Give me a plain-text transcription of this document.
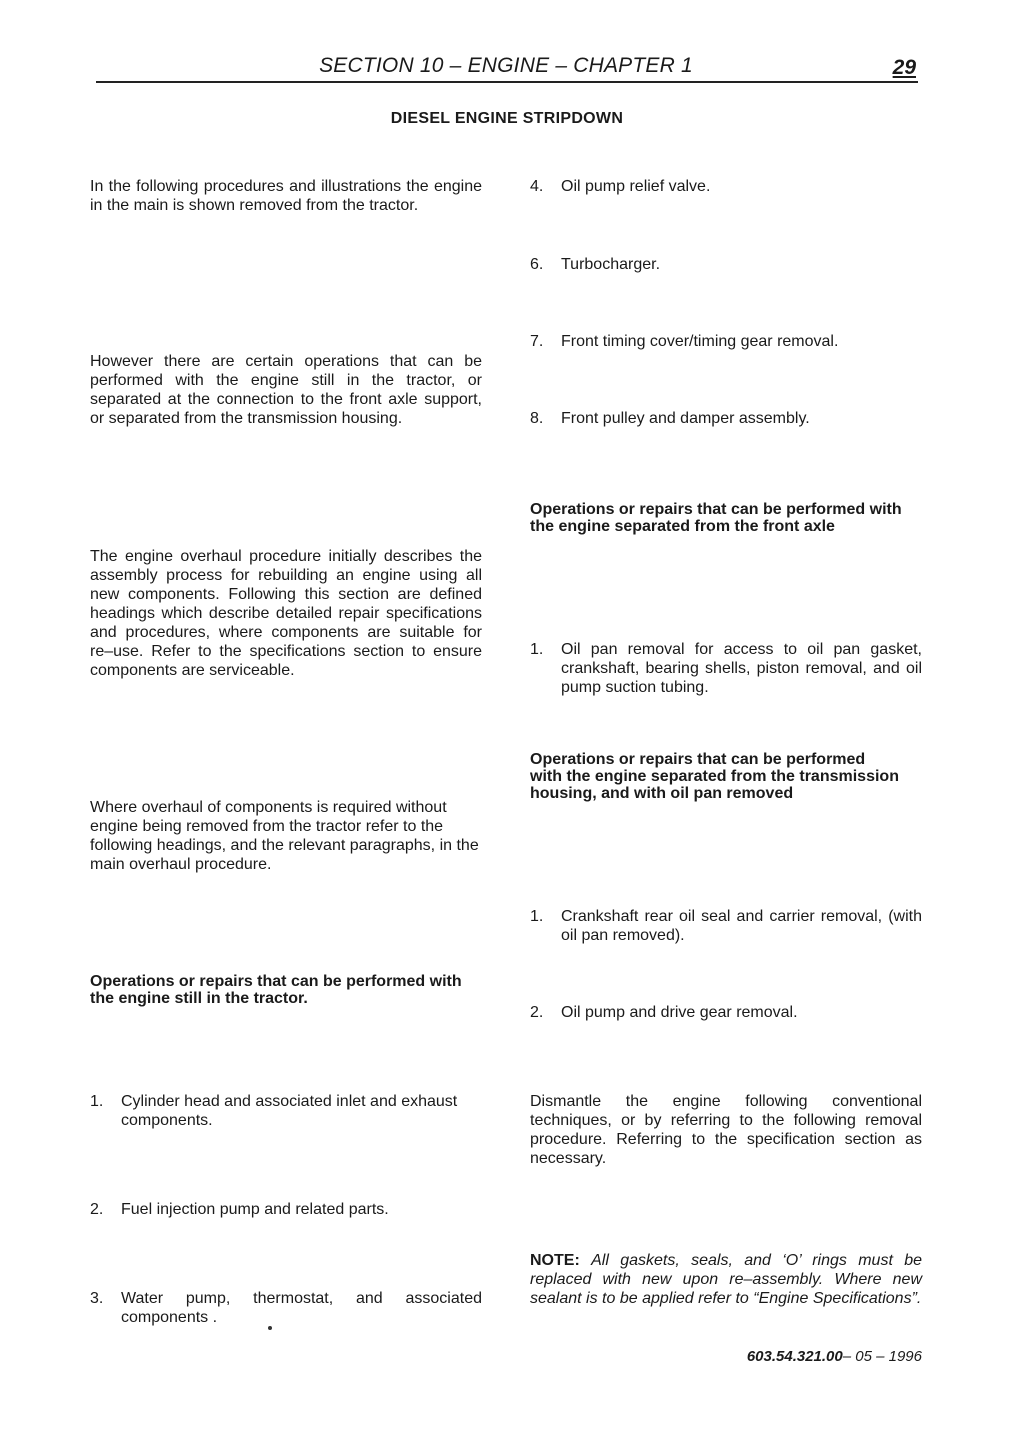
SECTION 10 – ENGINE – CHAPTER 1	29
DIESEL ENGINE STRIPDOWN

In the following procedures and illustrations the engine in the main is shown removed from the tractor.

However there are certain operations that can be performed with the engine still in the tractor, or separated at the connection to the front axle support, or separated from the transmission housing.

The engine overhaul procedure initially describes the assembly process for rebuilding an engine using all new components. Following this section are defined headings which describe detailed repair specifications and procedures, where components are suitable for re–use. Refer to the specifications section to ensure components are serviceable.

Where overhaul of components is required without engine being removed from the tractor refer to the following headings, and the relevant paragraphs, in the main overhaul procedure.

Operations or repairs that can be performed with the engine still in the tractor.
1. Cylinder head and associated inlet and exhaust components.
2. Fuel injection pump and related parts.
3. Water pump, thermostat, and associated components .
4. Oil pump relief valve.
6. Turbocharger.
7. Front timing cover/timing gear removal.
8. Front pulley and damper assembly.
Operations or repairs that can be performed with the engine separated from the front axle
1. Oil pan removal for access to oil pan gasket, crankshaft, bearing shells, piston removal, and oil pump suction tubing.
Operations or repairs that can be performed with the engine separated from the transmission housing, and with oil pan removed
1. Crankshaft rear oil seal and carrier removal, (with oil pan removed).
2. Oil pump and drive gear removal.

Dismantle the engine following conventional techniques, or by referring to the following removal procedure. Referring to the specification section as necessary.

NOTE: All gaskets, seals, and ‘O’ rings must be replaced with new upon re–assembly. Where new sealant is to be applied refer to “Engine Specifications”.

603.54.321.00– 05 – 1996
